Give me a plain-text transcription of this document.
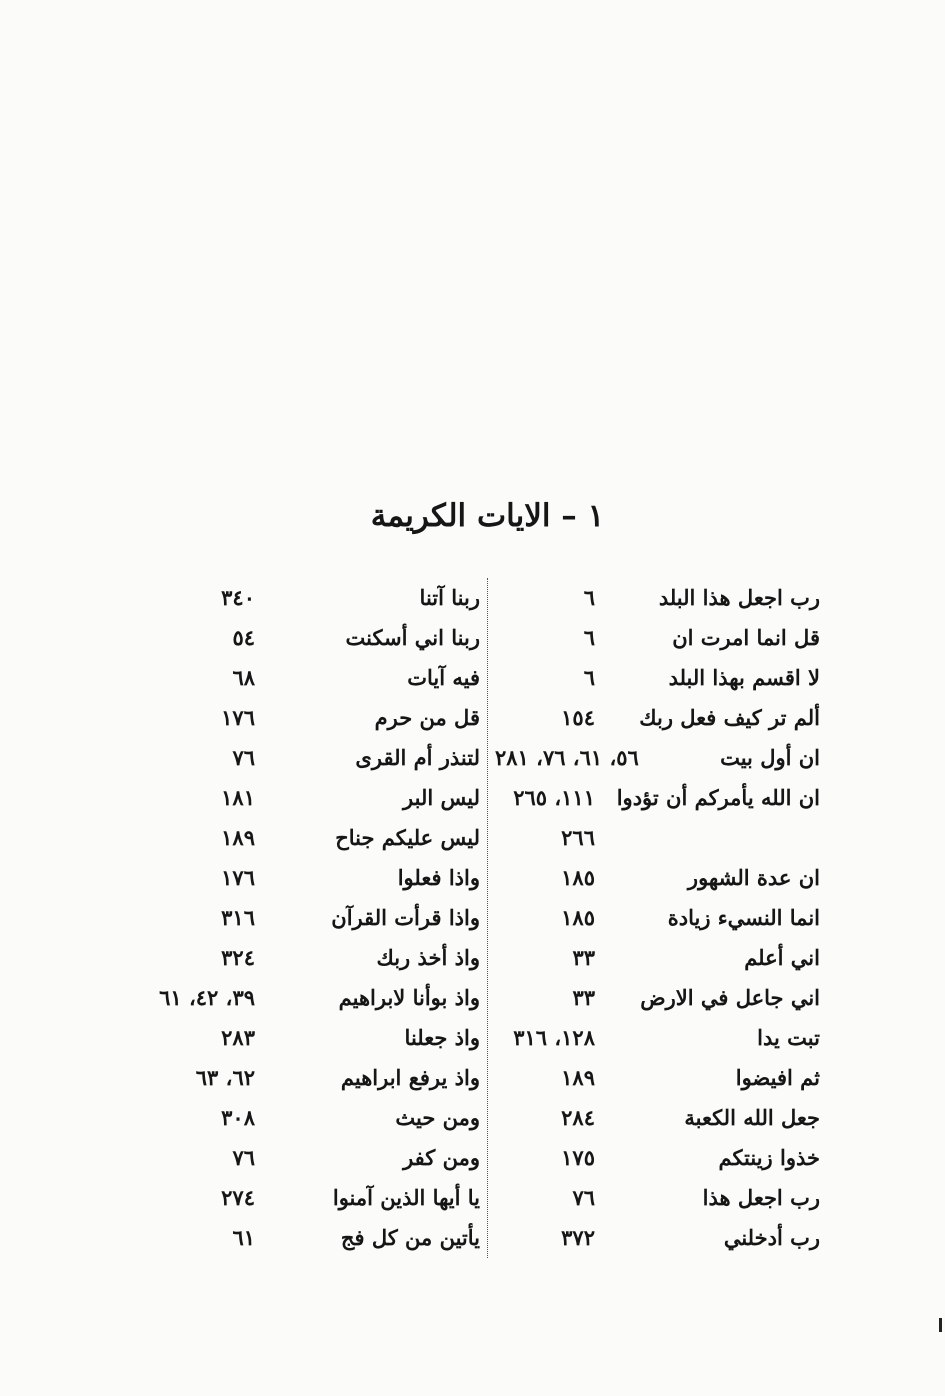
١ – الايات الكريمة
رب اجعل هذا البلد
٦
ربنا آتنا
٣٤٠
قل انما امرت ان
٦
ربنا اني أسكنت
٥٤
لا اقسم بهذا البلد
٦
فيه آيات
٦٨
ألم تر كيف فعل ربك
١٥٤
قل من حرم
١٧٦
ان أول بيت
٥٦، ٦١، ٧٦، ٢٨١
لتنذر أم القرى
٧٦
ان الله يأمركم أن تؤدوا
١١١، ٢٦٥
ليس البر
١٨١
٢٦٦
ليس عليكم جناح
١٨٩
ان عدة الشهور
١٨٥
واذا فعلوا
١٧٦
انما النسيء زيادة
١٨٥
واذا قرأت القرآن
٣١٦
اني أعلم
٣٣
واذ أخذ ربك
٣٢٤
اني جاعل في الارض
٣٣
واذ بوأنا لابراهيم
٣٩، ٤٢، ٦١
تبت يدا
١٢٨، ٣١٦
واذ جعلنا
٢٨٣
ثم افيضوا
١٨٩
واذ يرفع ابراهيم
٦٢، ٦٣
جعل الله الكعبة
٢٨٤
ومن حيث
٣٠٨
خذوا زينتكم
١٧٥
ومن كفر
٧٦
رب اجعل هذا
٧٦
يا أيها الذين آمنوا
٢٧٤
رب أدخلني
٣٧٢
يأتين من كل فج
٦١
